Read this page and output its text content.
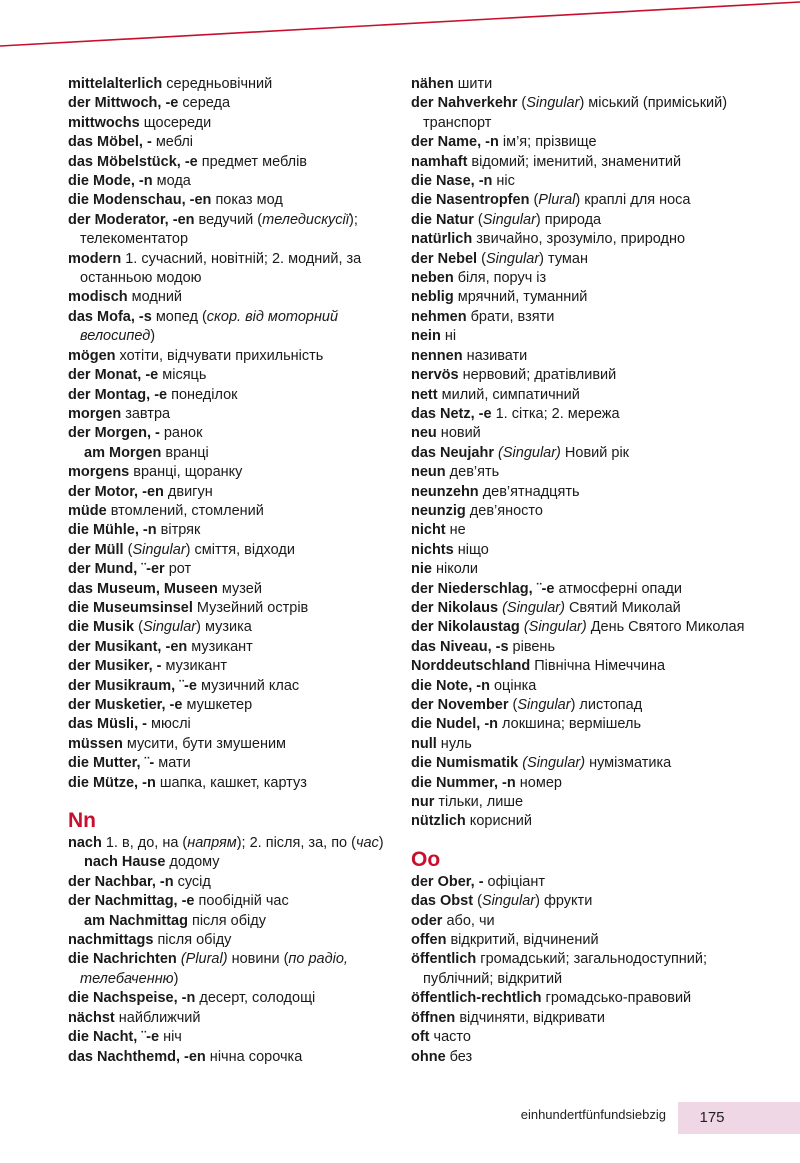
mittelalterlich середньовічний
der Mittwoch, -e середа
mittwochs щосереди
das Möbel, - меблі
das Möbelstück, -e предмет меблів
die Mode, -n мода
die Modenschau, -en показ мод
der Moderator, -en ведучий (теледискусії); телекоментатор
modern 1. сучасний, новітній; 2. модний, за останньою модою
modisch модний
das Mofa, -s мопед (скор. від моторний велосипед)
mögen хотіти, відчувати прихильність
der Monat, -e місяць
der Montag, -e понеділок
morgen завтра
der Morgen, - ранок
am Morgen вранці
morgens вранці, щоранку
der Motor, -en двигун
müde втомлений, стомлений
die Mühle, -n вітряк
der Müll (Singular) сміття, відходи
der Mund, ¨-er рот
das Museum, Museen музей
die Museumsinsel Музейний острів
die Musik (Singular) музика
der Musikant, -en музикант
der Musiker, - музикант
der Musikraum, ¨-e музичний клас
der Musketier, -e мушкетер
das Müsli, - мюслі
müssen мусити, бути змушеним
die Mutter, ¨- мати
die Mütze, -n шапка, кашкет, картуз
Nn
nach 1. в, до, на (напрям); 2. після, за, по (час)
nach Hause додому
der Nachbar, -n сусід
der Nachmittag, -e пообідній час
am Nachmittag після обіду
nachmittags після обіду
die Nachrichten (Plural) новини (по радіо, телебаченню)
die Nachspeise, -n десерт, солодощі
nächst найближчий
die Nacht, ¨-e ніч
das Nachthemd, -en нічна сорочка
nähen шити
der Nahverkehr (Singular) міський (приміський) транспорт
der Name, -n ім’я; прізвище
namhaft відомий; іменитий, знаменитий
die Nase, -n ніс
die Nasentropfen (Plural) краплі для носа
die Natur (Singular) природа
natürlich звичайно, зрозуміло, природно
der Nebel (Singular) туман
neben біля, поруч із
neblig мрячний, туманний
nehmen брати, взяти
nein ні
nennen називати
nervös нервовий; дратівливий
nett милий, симпатичний
das Netz, -e 1. сітка; 2. мережа
neu новий
das Neujahr (Singular) Новий рік
neun дев’ять
neunzehn дев’ятнадцять
neunzig дев’яносто
nicht не
nichts ніщо
nie ніколи
der Niederschlag, ¨-e атмосферні опади
der Nikolaus (Singular) Святий Миколай
der Nikolaustag (Singular) День Святого Миколая
das Niveau, -s рівень
Norddeutschland Північна Німеччина
die Note, -n оцінка
der November (Singular) листопад
die Nudel, -n локшина; вермішель
null нуль
die Numismatik (Singular) нумізматика
die Nummer, -n номер
nur тільки, лише
nützlich корисний
Oo
der Ober, - офіціант
das Obst (Singular) фрукти
oder або, чи
offen відкритий, відчинений
öffentlich громадський; загальнодоступний; публічний; відкритий
öffentlich-rechtlich громадсько-правовий
öffnen відчиняти, відкривати
oft часто
ohne без
einhundertfünfundsiebzig	175
